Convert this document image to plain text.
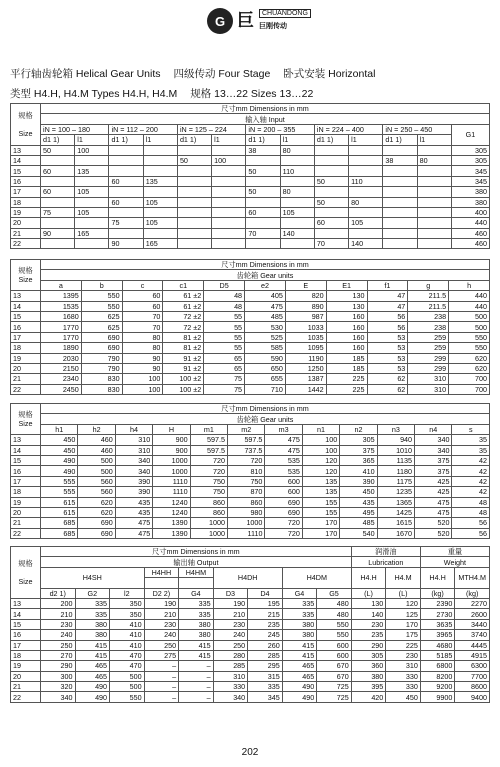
G 巨	CHUANDONG
巨刚传动
平行轴齿轮箱 Helical Gear Units 四级传动 Four Stage 卧式安装 Horizontal
类型 H4.H, H4.M Types H4.H, H4.M 规格 13…22 Sizes 13…22
规格

Size	尺寸mm Dimensions in mm												
	输入轴 Input												
	iN = 100 – 180		iN = 112 – 200		iN = 125 – 224		iN = 200 – 355		iN = 224 – 400		iN = 250 – 450		G1
	d1 1)	l1	d1 1)	l1	d1 1)	l1	d1 1)	l1	d1 1)	l1	d1 1)	l1	
13	50	100					38	80					305
14					50	100					38	80	305
15	60	135					50	110					345
16			60	135					50	110			345
17	60	105					50	80					380
18			60	105					50	80			380
19	75	105					60	105					400
20			75	105					60	105			440
21	90	165					70	140					460
22			90	165					70	140			460
规格
Size	尺寸mm Dimensions in mm										
	齿轮箱 Gear units										
	a	b	c	c1	D5	e2	E	E1	f1	g	h
13	1395	550	60	61 ±2	48	405	820	130	47	211.5	440
14	1535	550	60	61 ±2	48	475	890	130	47	211.5	440
15	1680	625	70	72 ±2	55	485	987	160	56	238	500
16	1770	625	70	72 ±2	55	530	1033	160	56	238	500
17	1770	690	80	81 ±2	55	525	1035	160	53	259	550
18	1890	690	80	81 ±2	55	585	1095	160	53	259	550
19	2030	790	90	91 ±2	65	590	1190	185	53	299	620
20	2150	790	90	91 ±2	65	650	1250	185	53	299	620
21	2340	830	100	100 ±2	75	655	1387	225	62	310	700
22	2450	830	100	100 ±2	75	710	1442	225	62	310	700
规格
Size	尺寸mm Dimensions in mm											
	齿轮箱 Gear units											
	h1	h2	h4	H	m1	m2	m3	n1	n2	n3	n4	s
13	450	460	310	900	597.5	597.5	475	100	305	940	340	35
14	450	460	310	900	597.5	737.5	475	100	375	1010	340	35
15	490	500	340	1000	720	720	535	120	365	1135	375	42
16	490	500	340	1000	720	810	535	120	410	1180	375	42
17	555	560	390	1110	750	750	600	135	390	1175	425	42
18	555	560	390	1110	750	870	600	135	450	1235	425	42
19	615	620	435	1240	860	860	690	155	435	1365	475	48
20	615	620	435	1240	860	980	690	155	495	1425	475	48
21	685	690	475	1390	1000	1000	720	170	485	1615	520	56
22	685	690	475	1390	1000	1110	720	170	540	1670	520	56
规格

Size	尺寸mm Dimensions in mm									润滑油		重量	
	输出轴 Output									Lubrication		Weight	
	H4SH			H4HH	H4HM	H4DH		H4DM		H4.H	H4.M	H4.H	MTH4.M

	d2 1)	G2	l2	D2 2)	G4	D3	D4	G4	G5	(L)	(L)	(kg)	(kg)
13	200	335	350	190	335	190	195	335	480	130	120	2390	2270
14	210	335	350	210	335	210	215	335	480	140	125	2730	2600
15	230	380	410	230	380	230	235	380	550	230	170	3635	3440
16	240	380	410	240	380	240	245	380	550	235	175	3965	3740
17	250	415	410	250	415	250	260	415	600	290	225	4680	4445
18	270	415	470	275	415	280	285	415	600	305	230	5185	4915
19	290	465	470	–	–	285	295	465	670	360	310	6800	6300
20	300	465	500	–	–	310	315	465	670	380	330	8200	7700
21	320	490	500	–	–	330	335	490	725	395	330	9200	8600
22	340	490	550	–	–	340	345	490	725	420	450	9900	9400
202
